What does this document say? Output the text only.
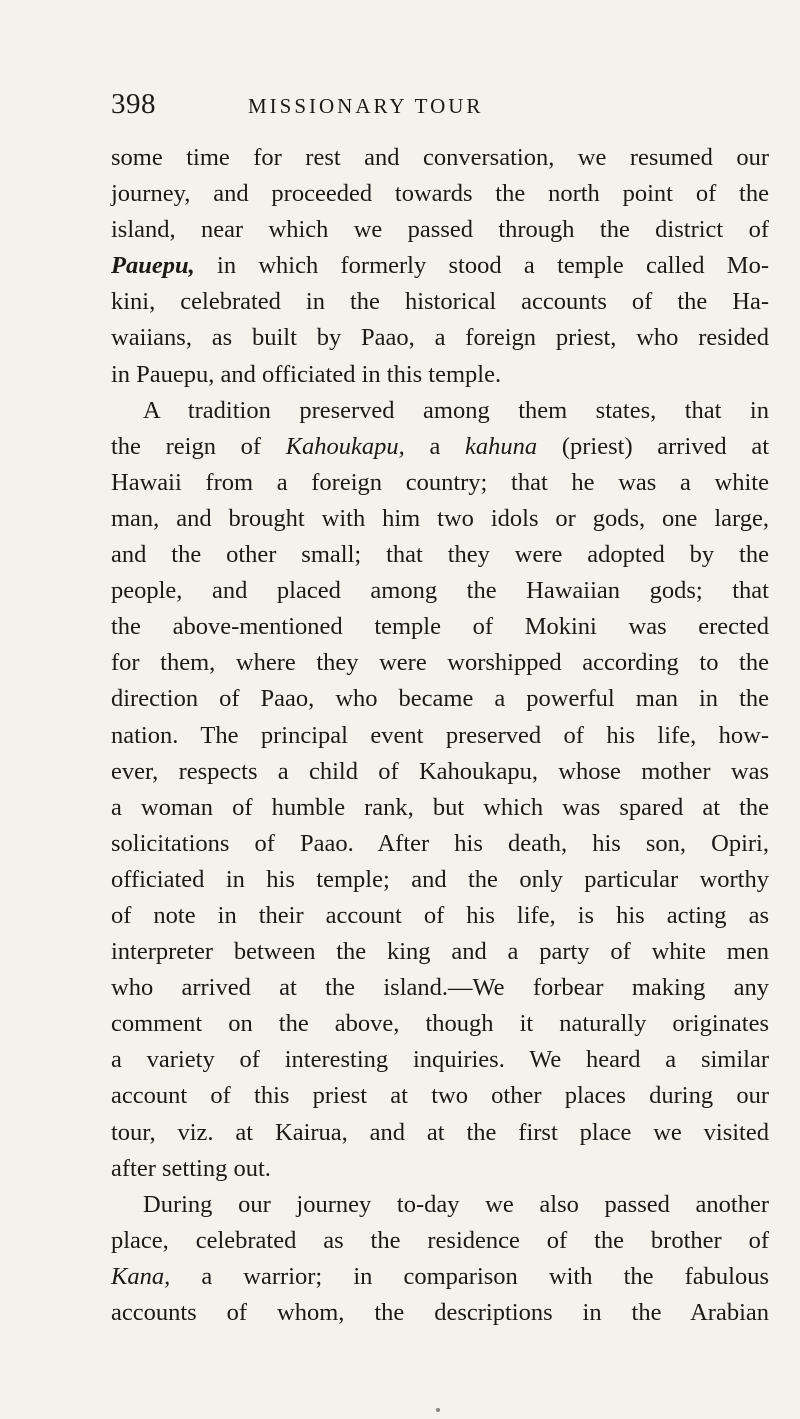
398	MISSIONARY TOUR
some time for rest and conversation, we resumed our
journey, and proceeded towards the north point of the
island, near which we passed through the district of
Pauepu, in which formerly stood a temple called Mo-
kini, celebrated in the historical accounts of the Ha-
waiians, as built by Paao, a foreign priest, who resided
in Pauepu, and officiated in this temple.
A tradition preserved among them states, that in
the reign of Kahoukapu, a kahuna (priest) arrived at
Hawaii from a foreign country; that he was a white
man, and brought with him two idols or gods, one large,
and the other small; that they were adopted by the
people, and placed among the Hawaiian gods; that
the above-mentioned temple of Mokini was erected
for them, where they were worshipped according to the
direction of Paao, who became a powerful man in the
nation. The principal event preserved of his life, how-
ever, respects a child of Kahoukapu, whose mother was
a woman of humble rank, but which was spared at the
solicitations of Paao. After his death, his son, Opiri,
officiated in his temple; and the only particular worthy
of note in their account of his life, is his acting as
interpreter between the king and a party of white men
who arrived at the island.—We forbear making any
comment on the above, though it naturally originates
a variety of interesting inquiries. We heard a similar
account of this priest at two other places during our
tour, viz. at Kairua, and at the first place we visited
after setting out.
During our journey to-day we also passed another
place, celebrated as the residence of the brother of
Kana, a warrior; in comparison with the fabulous
accounts of whom, the descriptions in the Arabian
